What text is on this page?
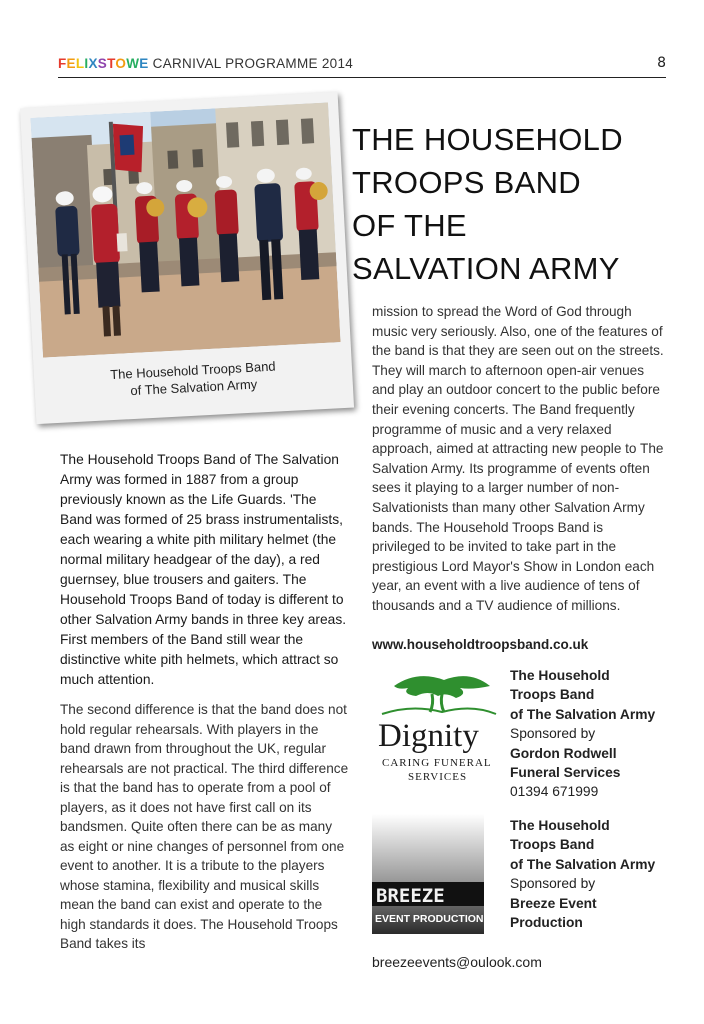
FELIXSTOWE CARNIVAL PROGRAMME 2014	8
The Household Troops Band
of The Salvation Army
THE HOUSEHOLD
TROOPS BAND
OF THE
SALVATION ARMY

The Household Troops Band of The Salvation Army was formed in 1887 from a group previously known as the Life Guards. 'The Band was formed of 25 brass instrumentalists, each wearing a white pith military helmet (the normal military headgear of the day), a red guernsey, blue trousers and gaiters. The Household Troops Band of today is different to other Salvation Army bands in three key areas. First members of the Band still wear the distinctive white pith helmets, which attract so much attention.

The second difference is that the band does not hold regular rehearsals. With players in the band drawn from throughout the UK, regular rehearsals are not practical. The third difference is that the band has to operate from a pool of players, as it does not have first call on its bandsmen. Quite often there can be as many as eight or nine changes of personnel from one event to another. It is a tribute to the players whose stamina, flexibility and musical skills mean the band can exist and operate to the high standards it does. The Household Troops Band takes its

mission to spread the Word of God through music very seriously. Also, one of the features of the band is that they are seen out on the streets. They will march to afternoon open-air venues and play an outdoor concert to the public before their evening concerts. The Band frequently programme of music and a very relaxed approach, aimed at attracting new people to The Salvation Army. Its programme of events often sees it playing to a larger number of non-Salvationists than many other Salvation Army bands. The Household Troops Band is privileged to be invited to take part in the prestigious Lord Mayor's Show in London each year, an event with a live audience of tens of thousands and a TV audience of millions.

www.householdtroopsband.co.uk
Dignity
CARING FUNERAL
SERVICES
The Household
Troops Band
of The Salvation Army
Sponsored by
Gordon Rodwell
Funeral Services
01394 671999
BREEZE
EVENT PRODUCTION
The Household
Troops Band
of The Salvation Army
Sponsored by
Breeze Event
Production
breezeevents@oulook.com
